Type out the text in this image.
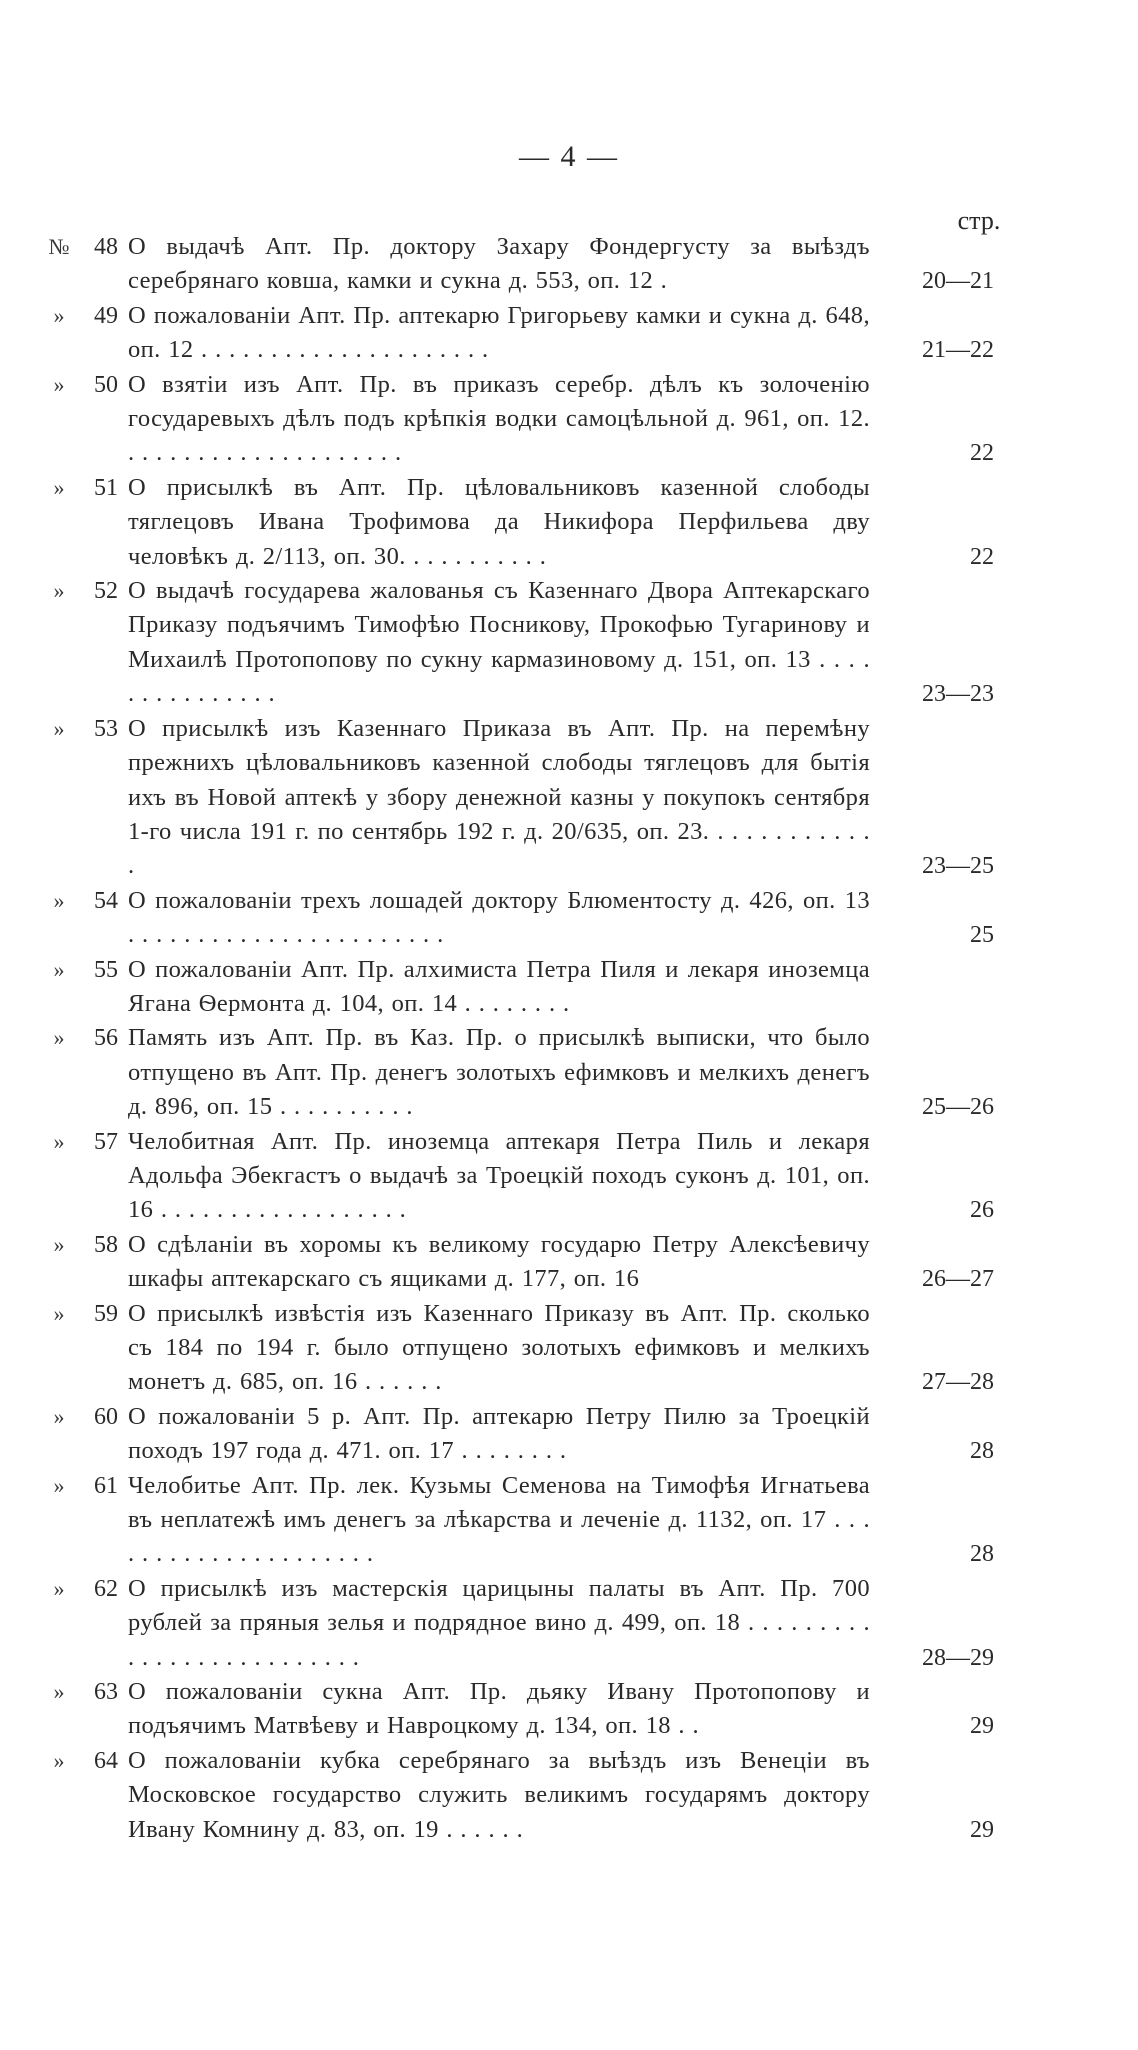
— 4 —
стр.
№	48 О выдачѣ Апт. Пр. доктору Захару Фондергусту за выѣздъ серебрянаго ковша, камки и сукна д. 553, оп. 12 .	20—21
»	49 О пожалованiи Апт. Пр. аптекарю Григорьеву камки и сукна д. 648, оп. 12 . . . . . . . . . . . . . . . . . . . . .	21—22
»	50 О взятiи изъ Апт. Пр. въ приказъ серебр. дѣлъ къ золоченiю государевыхъ дѣлъ подъ крѣпкiя водки самоцѣльной д. 961, оп. 12. . . . . . . . . . . . . . . . . . . . .	22
»	51 О присылкѣ въ Апт. Пр. цѣловальниковъ казенной слободы тяглецовъ Ивана Трофимова да Никифора Перфильева дву человѣкъ д. 2/113, оп. 30. . . . . . . . . . .	22
»	52 О выдачѣ государева жалованья съ Казеннаго Двора Аптекарскаго Приказу подъячимъ Тимофѣю Посникову, Прокофью Тугаринову и Михаилѣ Протопопову по сукну кармазиновому д. 151, оп. 13 . . . . . . . . . . . . . . .	23—23
»	53 О присылкѣ изъ Казеннаго Приказа въ Апт. Пр. на перемѣну прежнихъ цѣловальниковъ казенной слободы тяглецовъ для бытiя ихъ въ Новой аптекѣ у збору денежной казны у покупокъ сентября 1-го числа 191 г. по сентябрь 192 г. д. 20/635, оп. 23. . . . . . . . . . . . .	23—25
»	54 О пожалованiи трехъ лошадей доктору Блюментосту д. 426, оп. 13 . . . . . . . . . . . . . . . . . . . . . . .	25
»	55 О пожалованiи Апт. Пр. алхимиста Петра Пиля и лекаря иноземца Ягана Ѳермонта д. 104, оп. 14 . . . . . . . .
»	56 Память изъ Апт. Пр. въ Каз. Пр. о присылкѣ выписки, что было отпущено въ Апт. Пр. денегъ золотыхъ ефимковъ и мелкихъ денегъ д. 896, оп. 15 . . . . . . . . . .	25—26
»	57 Челобитная Апт. Пр. иноземца аптекаря Петра Пиль и лекаря Адольфа Эбекгастъ о выдачѣ за Троецкiй походъ суконъ д. 101, оп. 16 . . . . . . . . . . . . . . . . . .	26
»	58 О сдѣланiи въ хоромы къ великому государю Петру Алексѣевичу шкафы аптекарскаго съ ящиками д. 177, оп. 16	26—27
»	59 О присылкѣ извѣстiя изъ Казеннаго Приказу въ Апт. Пр. сколько съ 184 по 194 г. было отпущено золотыхъ ефимковъ и мелкихъ монетъ д. 685, оп. 16 . . . . . .	27—28
»	60 О пожалованiи 5 р. Апт. Пр. аптекарю Петру Пилю за Троецкiй походъ 197 года д. 471. оп. 17 . . . . . . . .	28
»	61 Челобитье Апт. Пр. лек. Кузьмы Семенова на Тимофѣя Игнатьева въ неплатежѣ имъ денегъ за лѣкарства и леченiе д. 1132, оп. 17 . . . . . . . . . . . . . . . . . . . . .	28
»	62 О присылкѣ изъ мастерскiя царицыны палаты въ Апт. Пр. 700 рублей за пряныя зелья и подрядное вино д. 499, оп. 18 . . . . . . . . . . . . . . . . . . . . . . . . . .	28—29
»	63 О пожалованiи сукна Апт. Пр. дьяку Ивану Протопопову и подъячимъ Матвѣеву и Навроцкому д. 134, оп. 18 . .	29
»	64 О пожалованiи кубка серебрянаго за выѣздъ изъ Венецiи въ Московское государство служить великимъ государямъ доктору Ивану Комнину д. 83, оп. 19 . . . . . .	29
